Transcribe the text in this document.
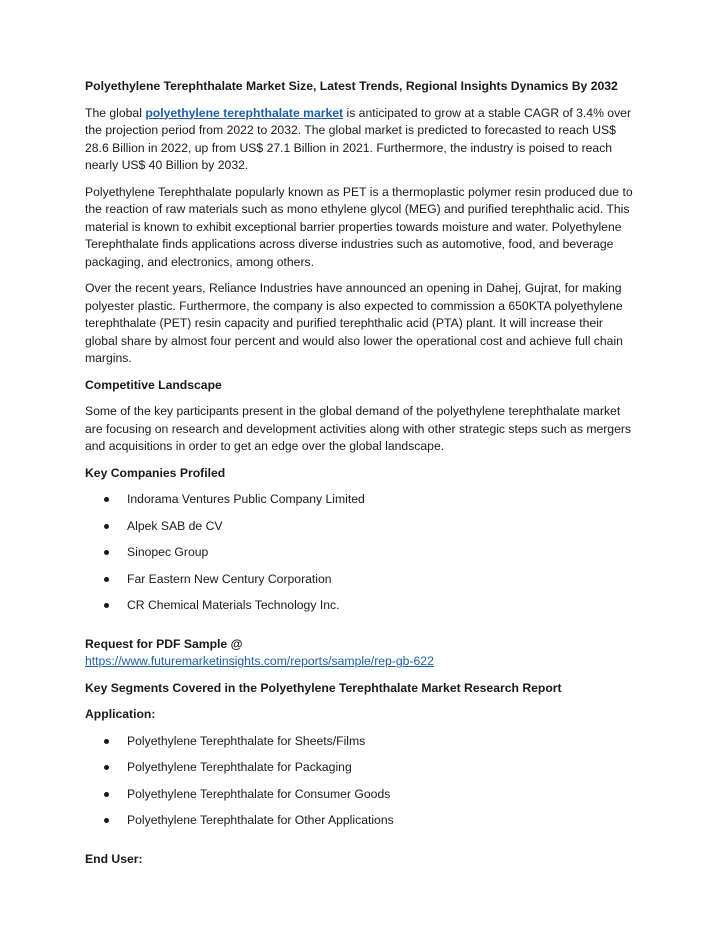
Polyethylene Terephthalate Market Size, Latest Trends, Regional Insights Dynamics By 2032

The global polyethylene terephthalate market is anticipated to grow at a stable CAGR of 3.4% over the projection period from 2022 to 2032. The global market is predicted to forecasted to reach US$ 28.6 Billion in 2022, up from US$ 27.1 Billion in 2021. Furthermore, the industry is poised to reach nearly US$ 40 Billion by 2032.

Polyethylene Terephthalate popularly known as PET is a thermoplastic polymer resin produced due to the reaction of raw materials such as mono ethylene glycol (MEG) and purified terephthalic acid. This material is known to exhibit exceptional barrier properties towards moisture and water. Polyethylene Terephthalate finds applications across diverse industries such as automotive, food, and beverage packaging, and electronics, among others.

Over the recent years, Reliance Industries have announced an opening in Dahej, Gujrat, for making polyester plastic. Furthermore, the company is also expected to commission a 650KTA polyethylene terephthalate (PET) resin capacity and purified terephthalic acid (PTA) plant. It will increase their global share by almost four percent and would also lower the operational cost and achieve full chain margins.

Competitive Landscape

Some of the key participants present in the global demand of the polyethylene terephthalate market are focusing on research and development activities along with other strategic steps such as mergers and acquisitions in order to get an edge over the global landscape.

Key Companies Profiled
Indorama Ventures Public Company Limited
Alpek SAB de CV
Sinopec Group
Far Eastern New Century Corporation
CR Chemical Materials Technology Inc.
Request for PDF Sample @
https://www.futuremarketinsights.com/reports/sample/rep-gb-622
Key Segments Covered in the Polyethylene Terephthalate Market Research Report
Application:
Polyethylene Terephthalate for Sheets/Films
Polyethylene Terephthalate for Packaging
Polyethylene Terephthalate for Consumer Goods
Polyethylene Terephthalate for Other Applications
End User:
